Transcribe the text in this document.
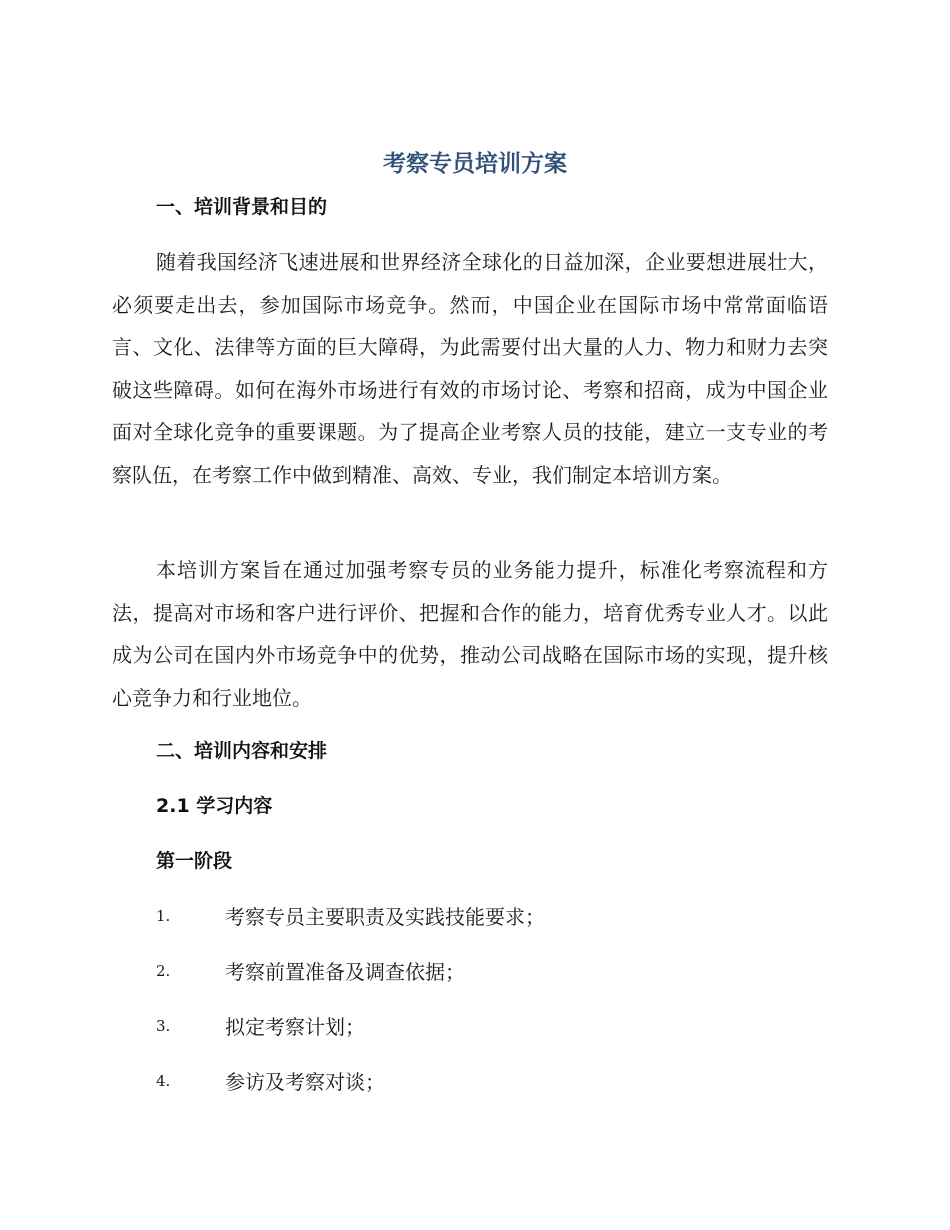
考察专员培训方案
一、培训背景和目的

随着我国经济飞速进展和世界经济全球化的日益加深，企业要想进展壮大，必须要走出去，参加国际市场竞争。然而，中国企业在国际市场中常常面临语言、文化、法律等方面的巨大障碍，为此需要付出大量的人力、物力和财力去突破这些障碍。如何在海外市场进行有效的市场讨论、考察和招商，成为中国企业面对全球化竞争的重要课题。为了提高企业考察人员的技能，建立一支专业的考察队伍，在考察工作中做到精准、高效、专业，我们制定本培训方案。

本培训方案旨在通过加强考察专员的业务能力提升，标准化考察流程和方法，提高对市场和客户进行评价、把握和合作的能力，培育优秀专业人才。以此成为公司在国内外市场竞争中的优势，推动公司战略在国际市场的实现，提升核心竞争力和行业地位。

二、培训内容和安排
2.1 学习内容
第一阶段
1.	考察专员主要职责及实践技能要求；
2.	考察前置准备及调查依据；
3.	拟定考察计划；
4.	参访及考察对谈；
